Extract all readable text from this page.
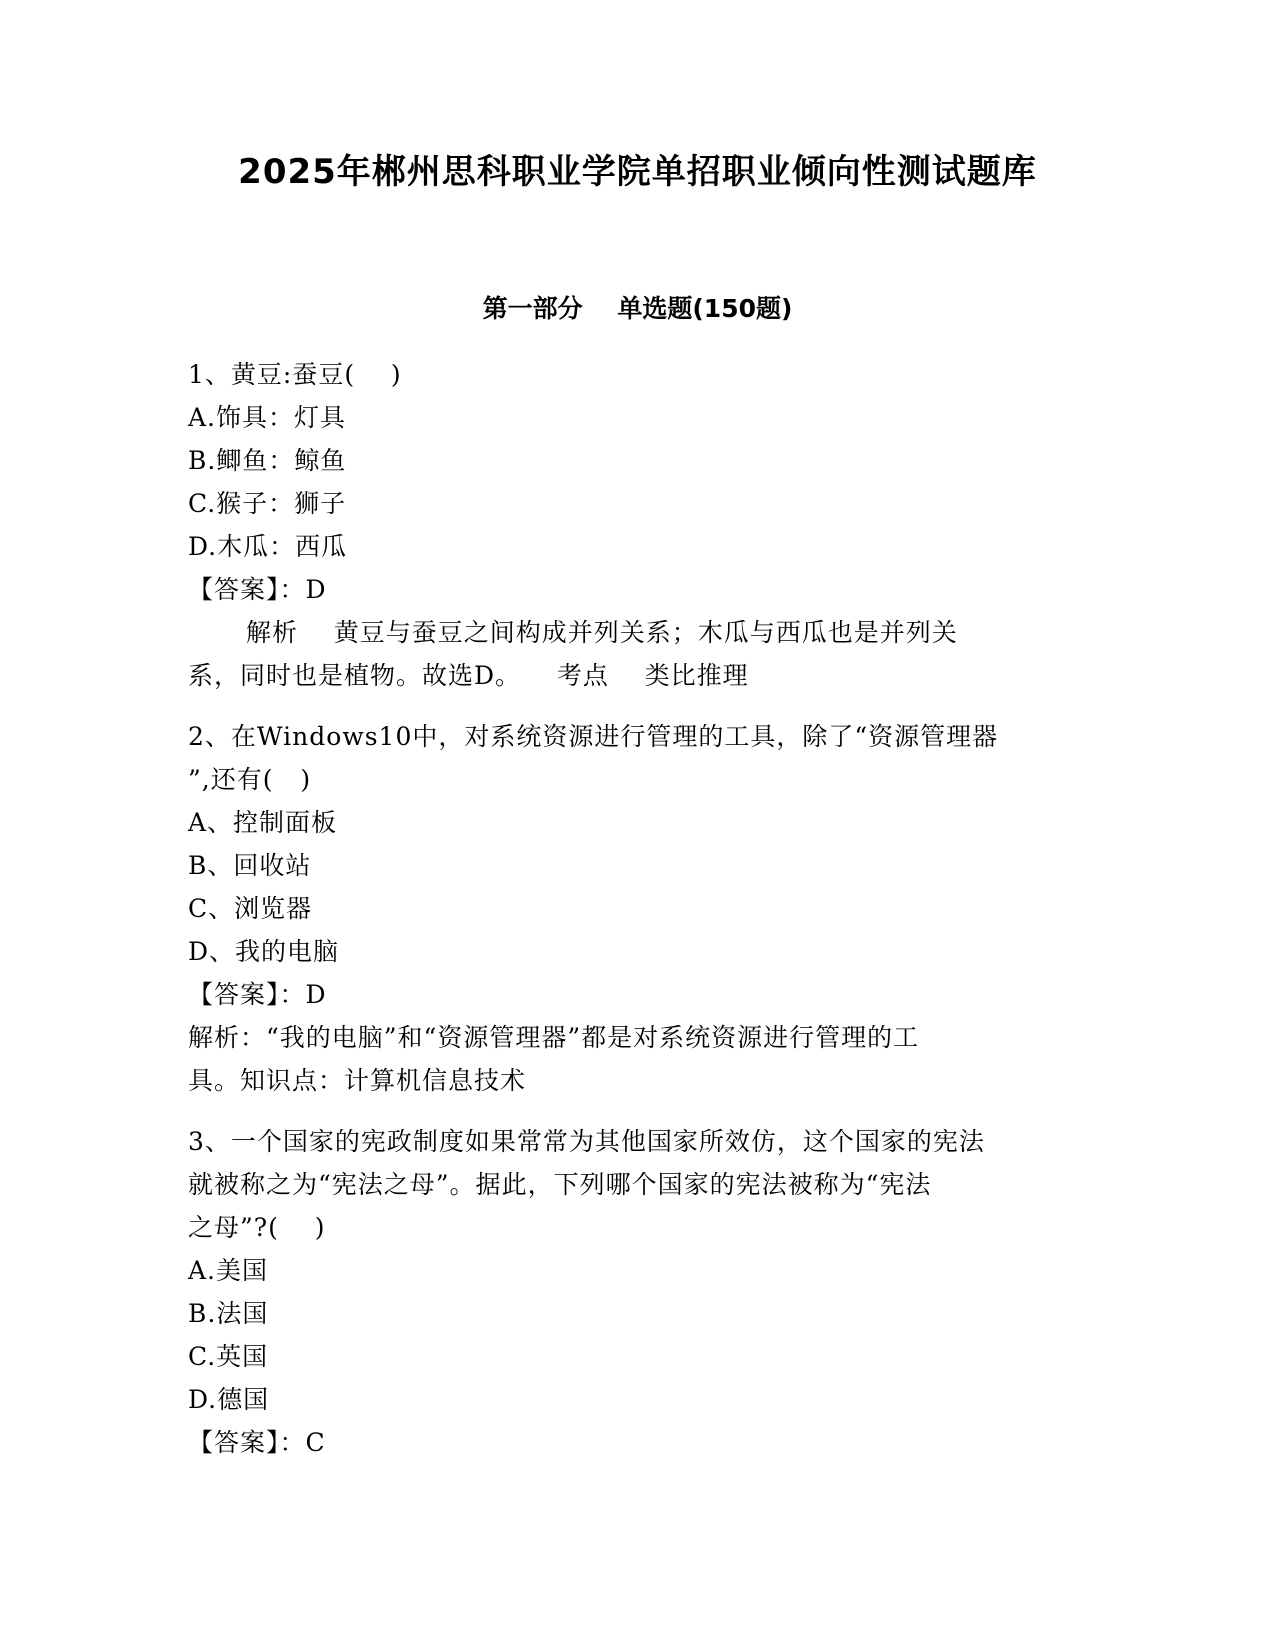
2025年郴州思科职业学院单招职业倾向性测试题库
第一部分    单选题(150题)
1、黄豆:蚕豆(    )
A.饰具：灯具
B.鲫鱼：鲸鱼
C.猴子：狮子
D.木瓜：西瓜
【答案】：D
解析    黄豆与蚕豆之间构成并列关系；木瓜与西瓜也是并列关
系，同时也是植物。故选D。    考点    类比推理
2、在Windows10中，对系统资源进行管理的工具，除了“资源管理器
”,还有(   )
A、控制面板
B、回收站
C、浏览器
D、我的电脑
【答案】：D
解析：“我的电脑”和“资源管理器”都是对系统资源进行管理的工
具。知识点：计算机信息技术
3、一个国家的宪政制度如果常常为其他国家所效仿，这个国家的宪法
就被称之为“宪法之母”。据此，下列哪个国家的宪法被称为“宪法
之母”?(    )
A.美国
B.法国
C.英国
D.德国
【答案】：C
